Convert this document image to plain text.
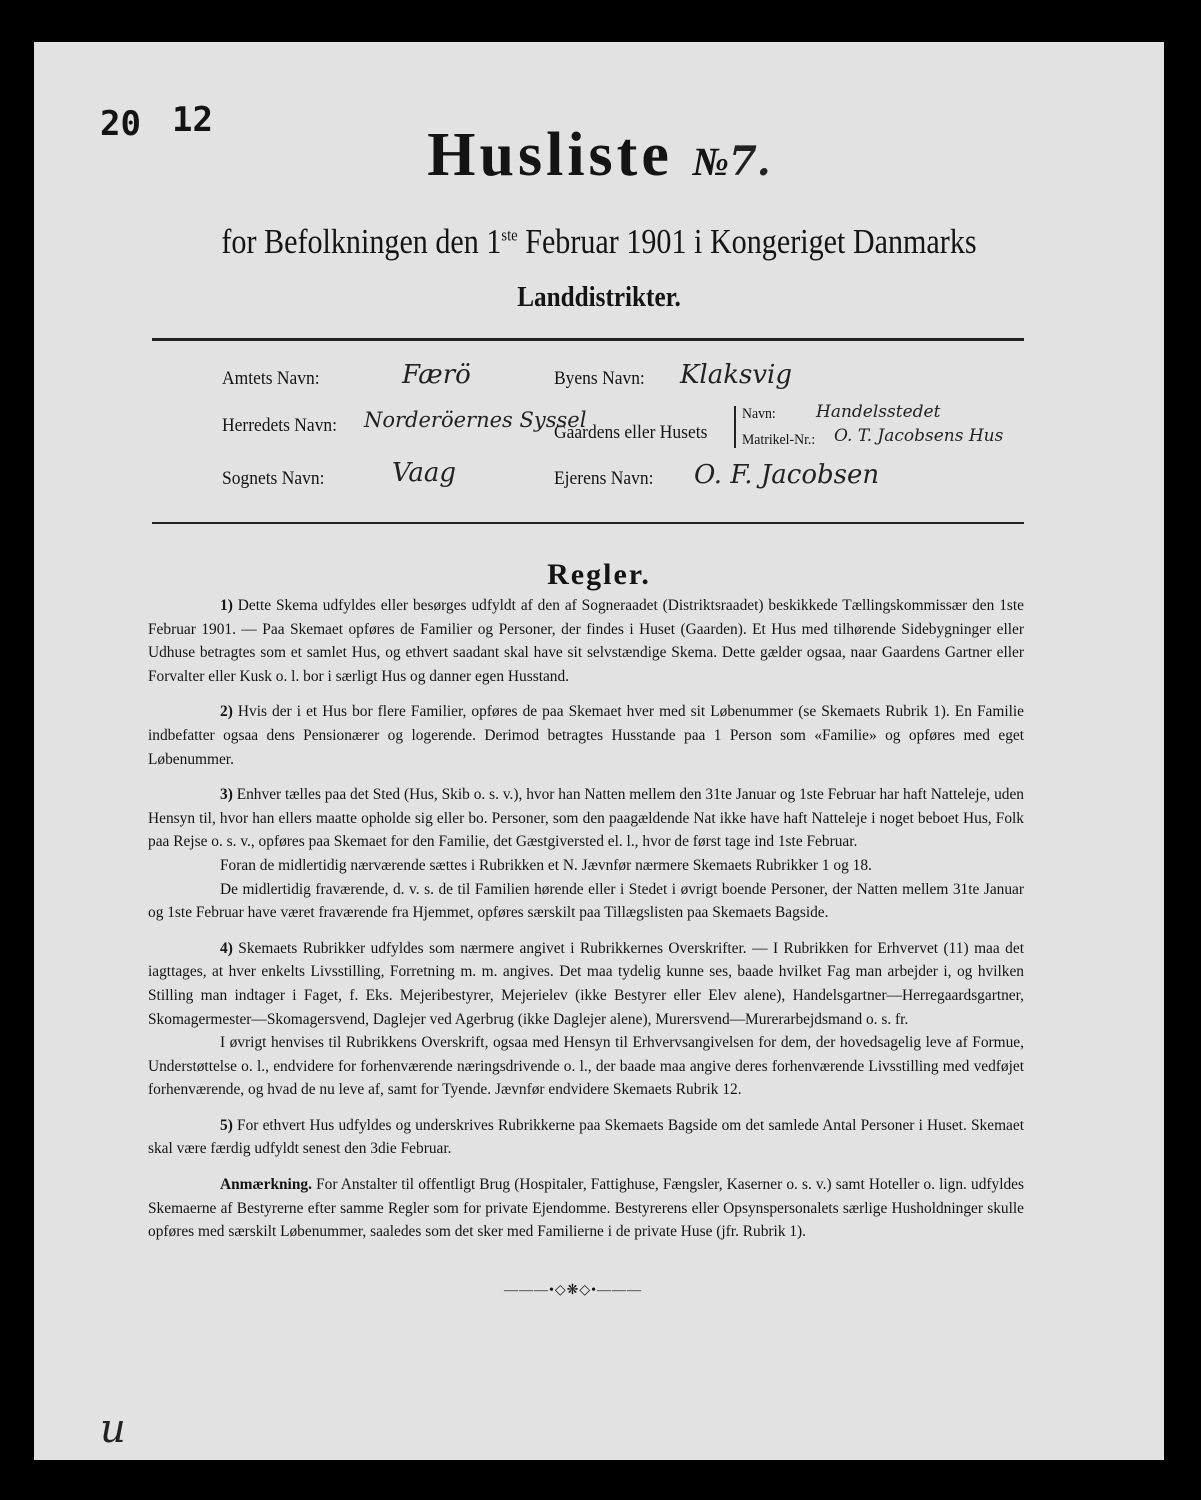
20 12
Husliste №7.
for Befolkningen den 1ste Februar 1901 i Kongeriget Danmarks
Landdistrikter.
Amtets Navn:	Færö	Byens Navn: Klaksvig
Herredets Navn: Norderöernes Syssel
Gaardens eller Husets
Navn: Handelsstedet
Matrikel-Nr.: O. T. Jacobsens Hus
Sognets Navn:	Vaag	Ejerens Navn: O. F. Jacobsen
Regler.

1) Dette Skema udfyldes eller besørges udfyldt af den af Sogneraadet (Distriktsraadet) beskikkede Tællingskommissær den 1ste Februar 1901. — Paa Skemaet opføres de Familier og Personer, der findes i Huset (Gaarden). Et Hus med tilhørende Sidebygninger eller Udhuse betragtes som et samlet Hus, og ethvert saadant skal have sit selvstændige Skema. Dette gælder ogsaa, naar Gaardens Gartner eller Forvalter eller Kusk o. l. bor i særligt Hus og danner egen Husstand.

2) Hvis der i et Hus bor flere Familier, opføres de paa Skemaet hver med sit Løbenummer (se Skemaets Rubrik 1). En Familie indbefatter ogsaa dens Pensionærer og logerende. Derimod betragtes Husstande paa 1 Person som «Familie» og opføres med eget Løbenummer.

3) Enhver tælles paa det Sted (Hus, Skib o. s. v.), hvor han Natten mellem den 31te Januar og 1ste Februar har haft Natteleje, uden Hensyn til, hvor han ellers maatte opholde sig eller bo. Personer, som den paagældende Nat ikke have haft Natteleje i noget beboet Hus, Folk paa Rejse o. s. v., opføres paa Skemaet for den Familie, det Gæstgiversted el. l., hvor de først tage ind 1ste Februar.

Foran de midlertidig nærværende sættes i Rubrikken et N. Jævnfør nærmere Skemaets Rubrikker 1 og 18.

De midlertidig fraværende, d. v. s. de til Familien hørende eller i Stedet i øvrigt boende Personer, der Natten mellem 31te Januar og 1ste Februar have været fraværende fra Hjemmet, opføres særskilt paa Tillægslisten paa Skemaets Bagside.

4) Skemaets Rubrikker udfyldes som nærmere angivet i Rubrikkernes Overskrifter. — I Rubrikken for Erhvervet (11) maa det iagttages, at hver enkelts Livsstilling, Forretning m. m. angives. Det maa tydelig kunne ses, baade hvilket Fag man arbejder i, og hvilken Stilling man indtager i Faget, f. Eks. Mejeribestyrer, Mejerielev (ikke Bestyrer eller Elev alene), Handelsgartner—Herregaardsgartner, Skomagermester—Skomagersvend, Daglejer ved Agerbrug (ikke Daglejer alene), Murersvend—Murerarbejdsmand o. s. fr.

I øvrigt henvises til Rubrikkens Overskrift, ogsaa med Hensyn til Erhvervsangivelsen for dem, der hovedsagelig leve af Formue, Understøttelse o. l., endvidere for forhenværende næringsdrivende o. l., der baade maa angive deres forhenværende Livsstilling med vedføjet forhenværende, og hvad de nu leve af, samt for Tyende. Jævnfør endvidere Skemaets Rubrik 12.

5) For ethvert Hus udfyldes og underskrives Rubrikkerne paa Skemaets Bagside om det samlede Antal Personer i Huset. Skemaet skal være færdig udfyldt senest den 3die Februar.

Anmærkning. For Anstalter til offentligt Brug (Hospitaler, Fattighuse, Fængsler, Kaserner o. s. v.) samt Hoteller o. lign. udfyldes Skemaerne af Bestyrerne efter samme Regler som for private Ejendomme. Bestyrerens eller Opsynspersonalets særlige Husholdninger skulle opføres med særskilt Løbenummer, saaledes som det sker med Familierne i de private Huse (jfr. Rubrik 1).

———•◇❋◇•———
u
